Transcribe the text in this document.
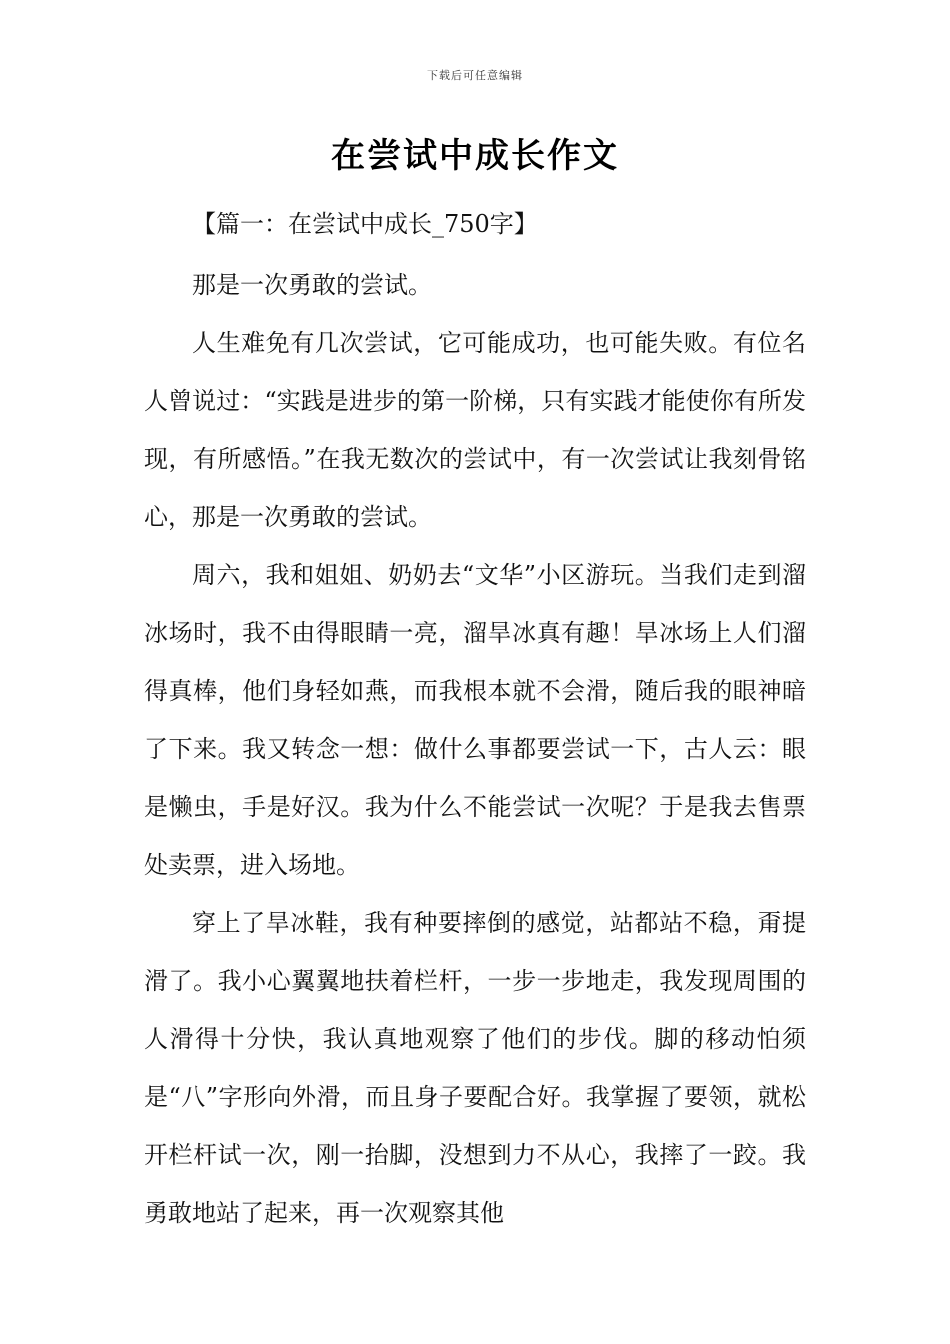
下载后可任意编辑
在尝试中成长作文

【篇一：在尝试中成长_750字】

那是一次勇敢的尝试。

人生难免有几次尝试，它可能成功，也可能失败。有位名人曾说过：“实践是进步的第一阶梯，只有实践才能使你有所发现，有所感悟。”在我无数次的尝试中，有一次尝试让我刻骨铭心，那是一次勇敢的尝试。

周六，我和姐姐、奶奶去“文华”小区游玩。当我们走到溜冰场时，我不由得眼睛一亮，溜旱冰真有趣！旱冰场上人们溜得真棒，他们身轻如燕，而我根本就不会滑，随后我的眼神暗了下来。我又转念一想：做什么事都要尝试一下，古人云：眼是懒虫，手是好汉。我为什么不能尝试一次呢？于是我去售票处卖票，进入场地。

穿上了旱冰鞋，我有种要摔倒的感觉，站都站不稳，甭提滑了。我小心翼翼地扶着栏杆，一步一步地走，我发现周围的人滑得十分快，我认真地观察了他们的步伐。脚的移动怕须是“八”字形向外滑，而且身子要配合好。我掌握了要领，就松开栏杆试一次，刚一抬脚，没想到力不从心，我摔了一跤。我勇敢地站了起来，再一次观察其他
